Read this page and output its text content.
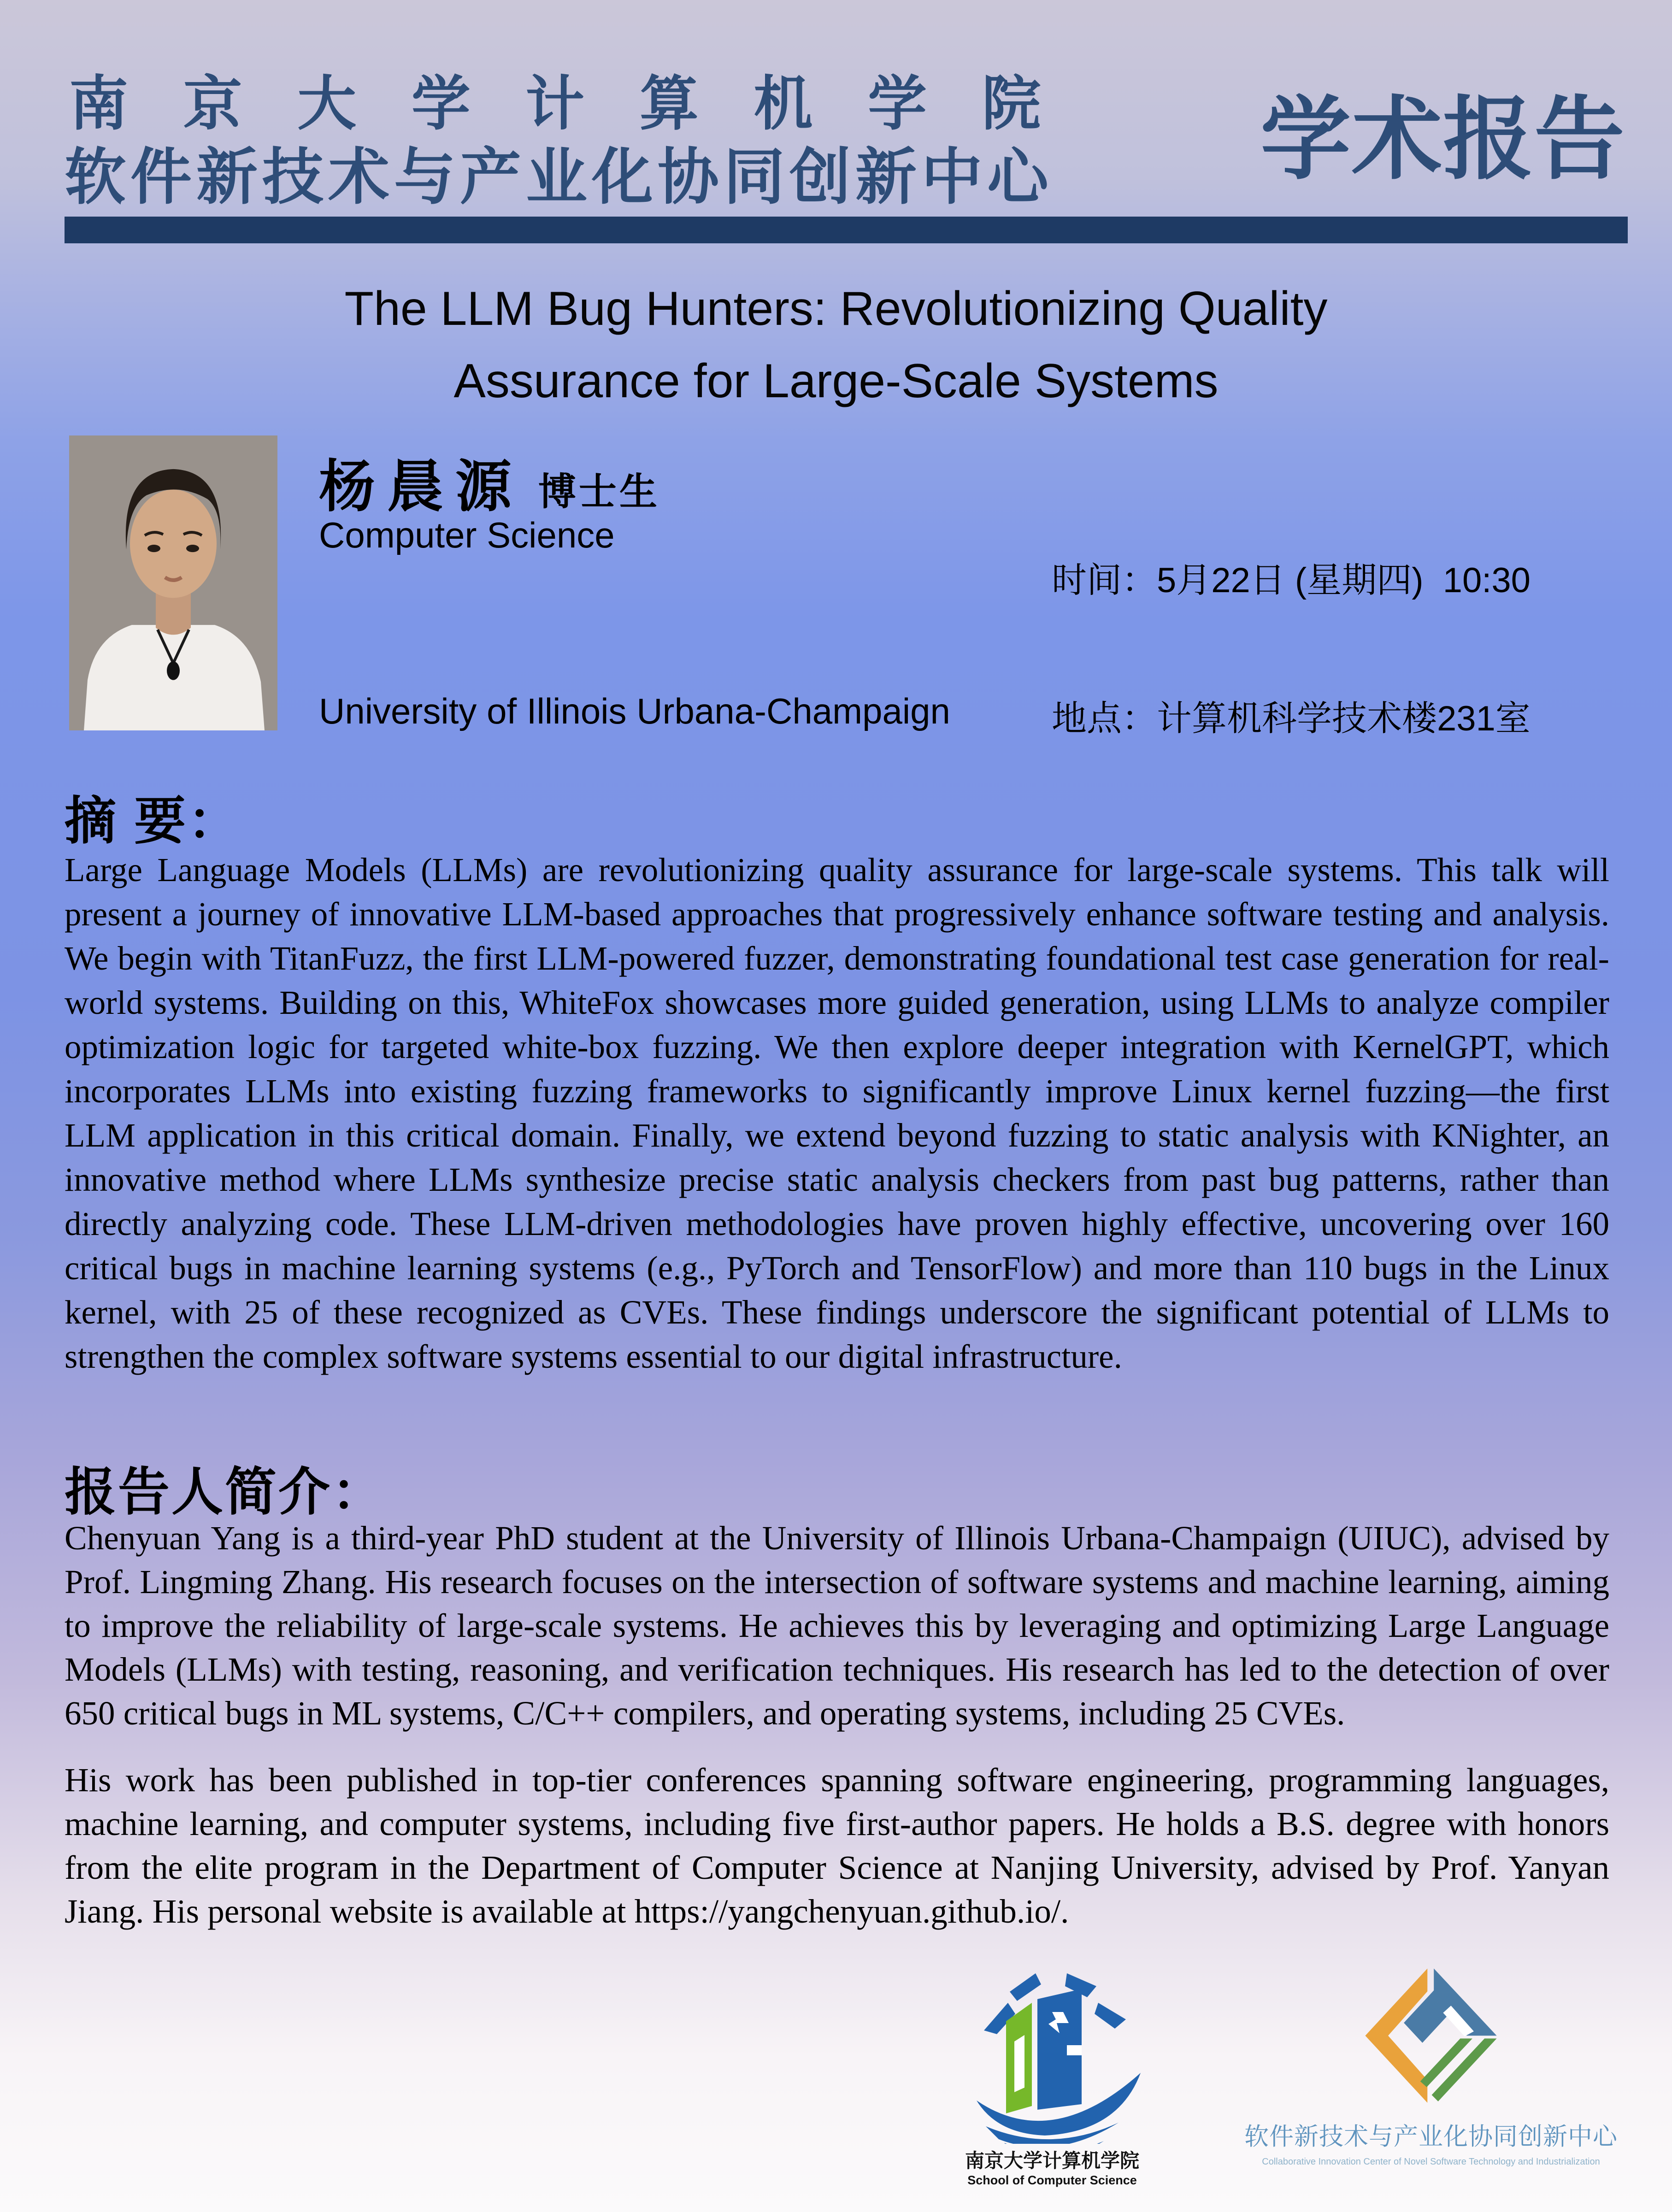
南 京 大 学 计 算 机 学 院
软件新技术与产业化协同创新中心 学术报告
The LLM Bug Hunters: Revolutionizing Quality
Assurance for Large-Scale Systems
杨晨源 博士生
Computer Science
时间：5月22日 (星期四)  10:30
University of Illinois Urbana-Champaign	地点：计算机科学技术楼231室
摘 要：
Large Language Models (LLMs) are revolutionizing quality assurance for large-scale systems. This talk will present a journey of innovative LLM-based approaches that progressively enhance software testing and analysis. We begin with TitanFuzz, the first LLM-powered fuzzer, demonstrating foundational test case generation for real-world systems. Building on this, WhiteFox showcases more guided generation, using LLMs to analyze compiler optimization logic for targeted white-box fuzzing. We then explore deeper integration with KernelGPT, which incorporates LLMs into existing fuzzing frameworks to significantly improve Linux kernel fuzzing—the first LLM application in this critical domain. Finally, we extend beyond fuzzing to static analysis with KNighter, an innovative method where LLMs synthesize precise static analysis checkers from past bug patterns, rather than directly analyzing code. These LLM-driven methodologies have proven highly effective, uncovering over 160 critical bugs in machine learning systems (e.g., PyTorch and TensorFlow) and more than 110 bugs in the Linux kernel, with 25 of these recognized as CVEs. These findings underscore the significant potential of LLMs to strengthen the complex software systems essential to our digital infrastructure.
报告人简介：

Chenyuan Yang is a third-year PhD student at the University of Illinois Urbana-Champaign (UIUC), advised by Prof. Lingming Zhang. His research focuses on the intersection of software systems and machine learning, aiming to improve the reliability of large-scale systems. He achieves this by leveraging and optimizing Large Language Models (LLMs) with testing, reasoning, and verification techniques. His research has led to the detection of over 650 critical bugs in ML systems, C/C++ compilers, and operating systems, including 25 CVEs.

His work has been published in top-tier conferences spanning software engineering, programming languages, machine learning, and computer systems, including five first-author papers. He holds a B.S. degree with honors from the elite program in the Department of Computer Science at Nanjing University, advised by Prof. Yanyan Jiang. His personal website is available at https://yangchenyuan.github.io/.

南京大学计算机学院
School of Computer Science
软件新技术与产业化协同创新中心
Collaborative Innovation Center of Novel Software Technology and Industrialization
